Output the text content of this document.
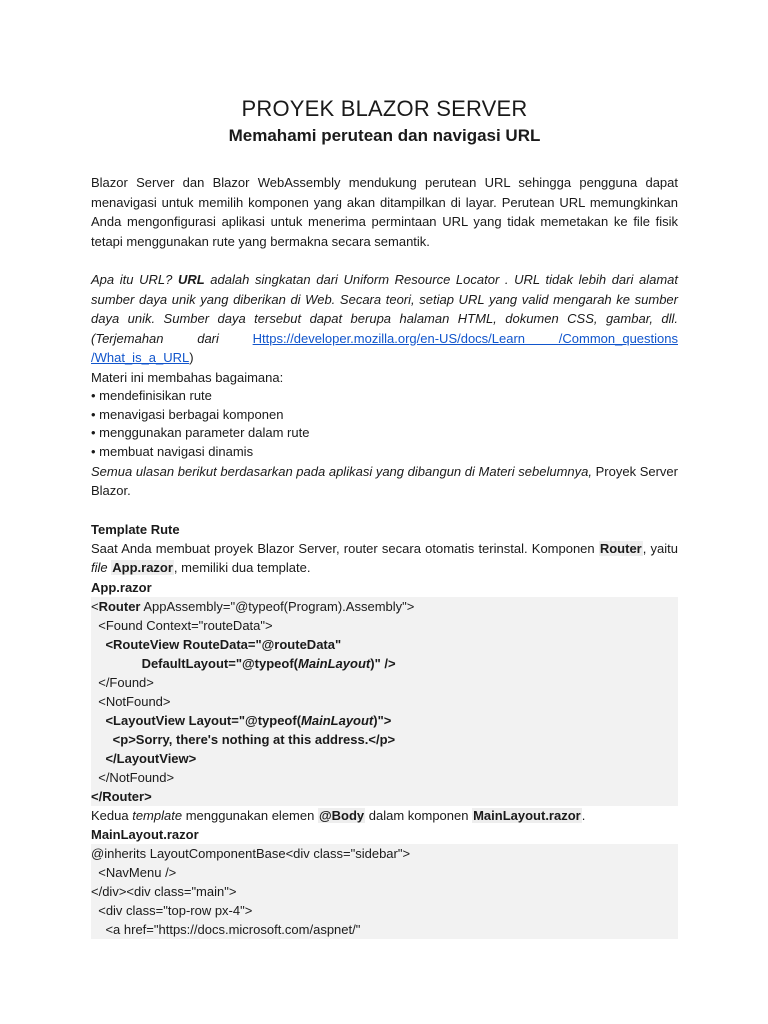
PROYEK BLAZOR SERVER
Memahami perutean dan navigasi URL

Blazor Server dan Blazor WebAssembly mendukung perutean URL sehingga pengguna dapat menavigasi untuk memilih komponen yang akan ditampilkan di layar. Perutean URL memungkinkan Anda mengonfigurasi aplikasi untuk menerima permintaan URL yang tidak memetakan ke file fisik tetapi menggunakan rute yang bermakna secara semantik.

Apa itu URL? URL adalah singkatan dari Uniform Resource Locator . URL tidak lebih dari alamat sumber daya unik yang diberikan di Web. Secara teori, setiap URL yang valid mengarah ke sumber daya unik. Sumber daya tersebut dapat berupa halaman HTML, dokumen CSS, gambar, dll. (Terjemahan dari Https://developer.mozilla.org/en-US/docs/Learn /Common_questions /What_is_a_URL)

Materi ini membahas bagaimana:

• mendefinisikan rute
• menavigasi berbagai komponen
• menggunakan parameter dalam rute
• membuat navigasi dinamis

Semua ulasan berikut berdasarkan pada aplikasi yang dibangun di Materi sebelumnya, Proyek Server Blazor.

Template Rute

Saat Anda membuat proyek Blazor Server, router secara otomatis terinstal. Komponen Router, yaitu file App.razor, memiliki dua template.

App.razor
<Router AppAssembly="@typeof(Program).Assembly">
<Found Context="routeData">
<RouteView RouteData="@routeData"
DefaultLayout="@typeof(MainLayout)" />
</Found>
<NotFound>
<LayoutView Layout="@typeof(MainLayout)">
<p>Sorry, there's nothing at this address.</p>
</LayoutView>
</NotFound>
</Router>

Kedua template menggunakan elemen @Body dalam komponen MainLayout.razor.

MainLayout.razor
@inherits LayoutComponentBase<div class="sidebar">
<NavMenu />
</div><div class="main">
<div class="top-row px-4">
<a href="https://docs.microsoft.com/aspnet/"
